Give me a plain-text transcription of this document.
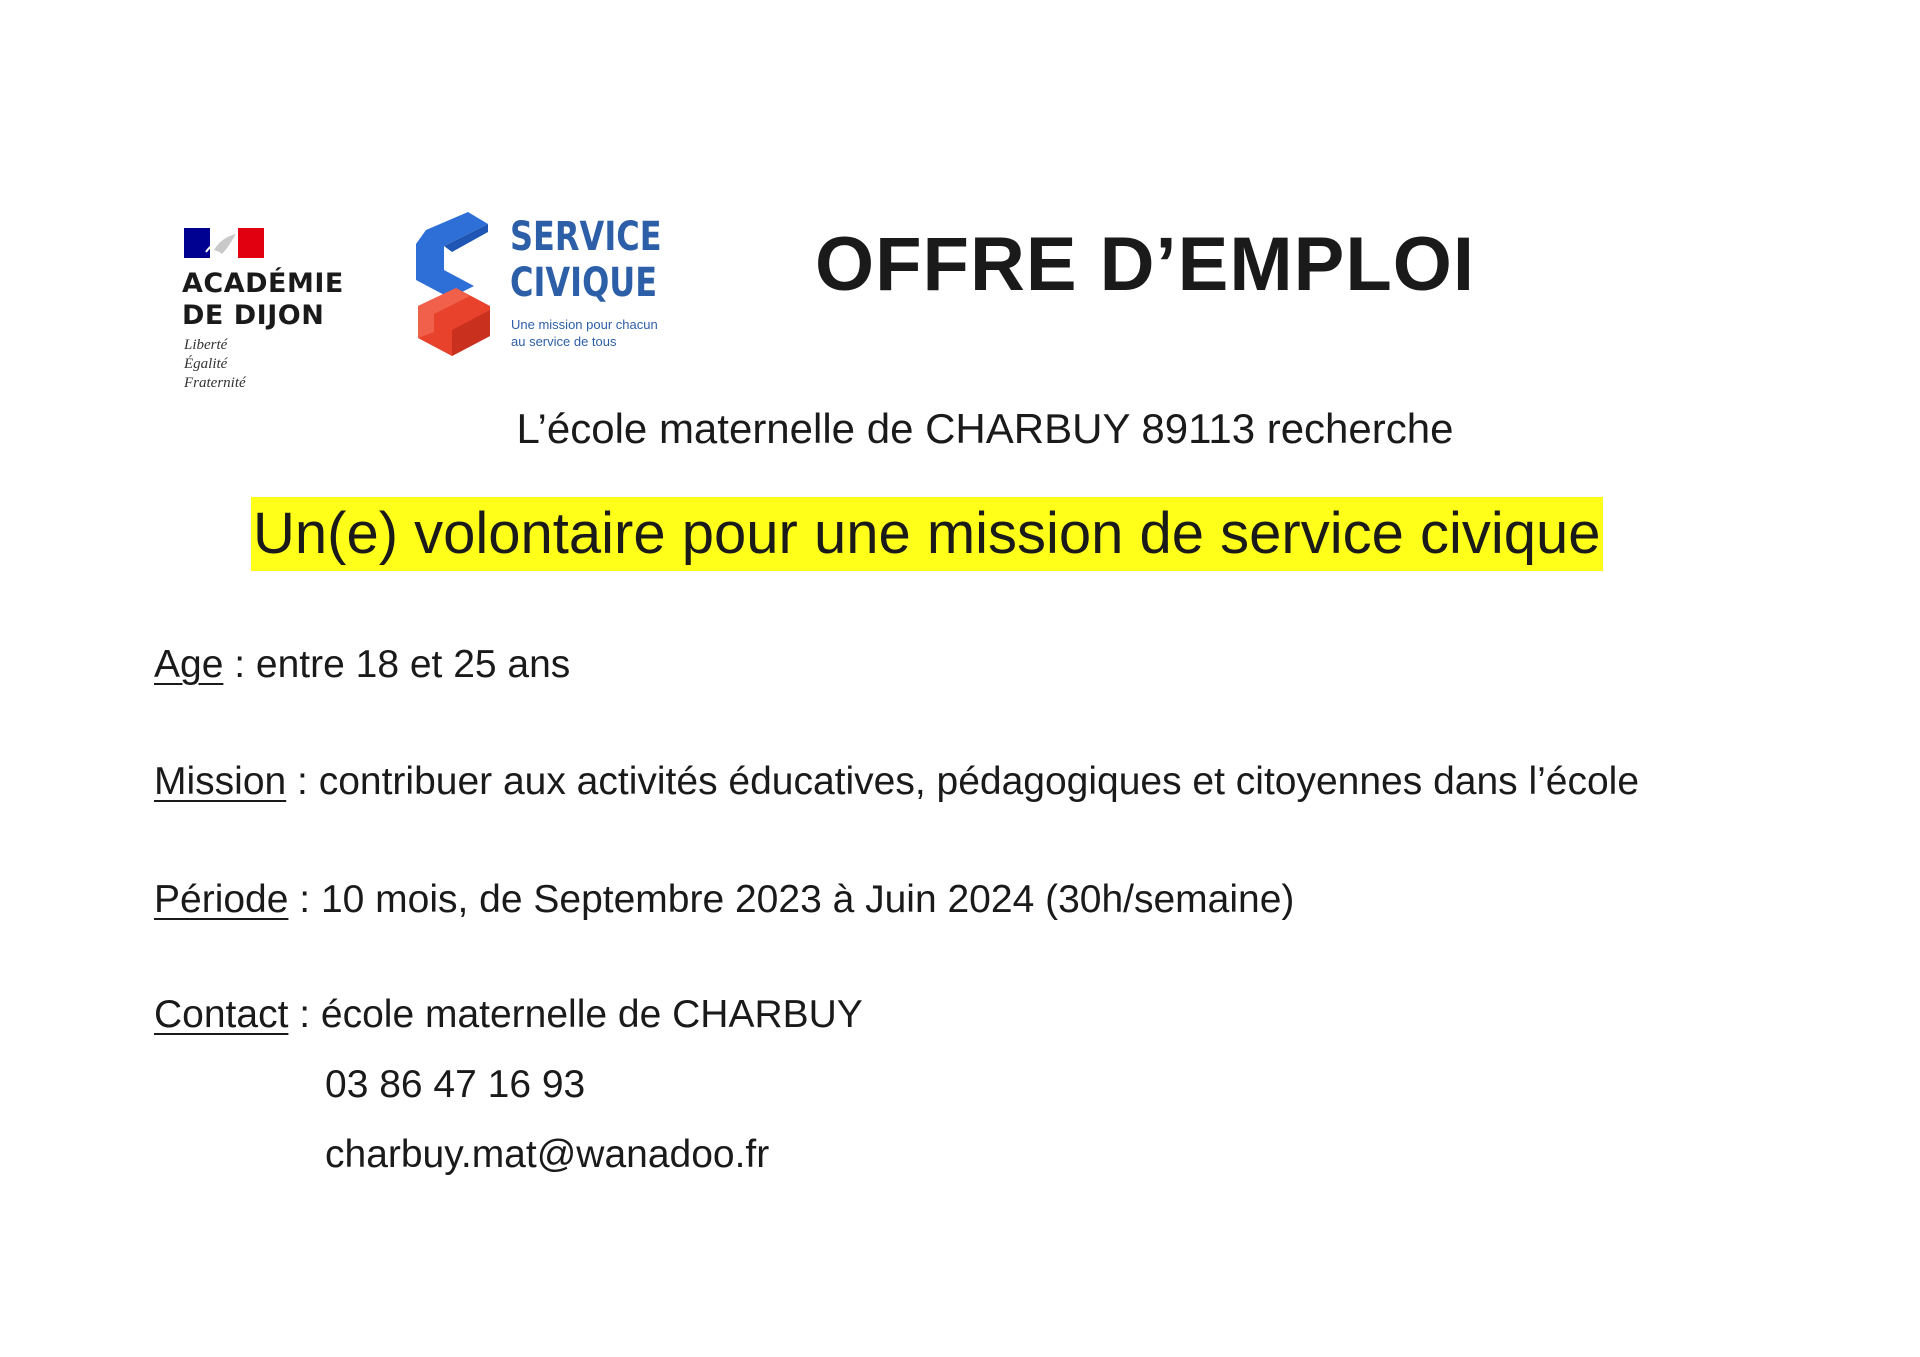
ACADÉMIE
DE DIJON
Liberté
Égalité
Fraternité
SERVICE
CIVIQUE
Une mission pour chacun
au service de tous
OFFRE D’EMPLOI
L’école maternelle de CHARBUY 89113 recherche
Un(e) volontaire pour une mission de service civique
Age : entre 18 et 25 ans
Mission : contribuer aux activités éducatives, pédagogiques et citoyennes dans l’école
Période : 10 mois, de Septembre 2023 à Juin 2024 (30h/semaine)
Contact : école maternelle de CHARBUY
03 86 47 16 93
charbuy.mat@wanadoo.fr
